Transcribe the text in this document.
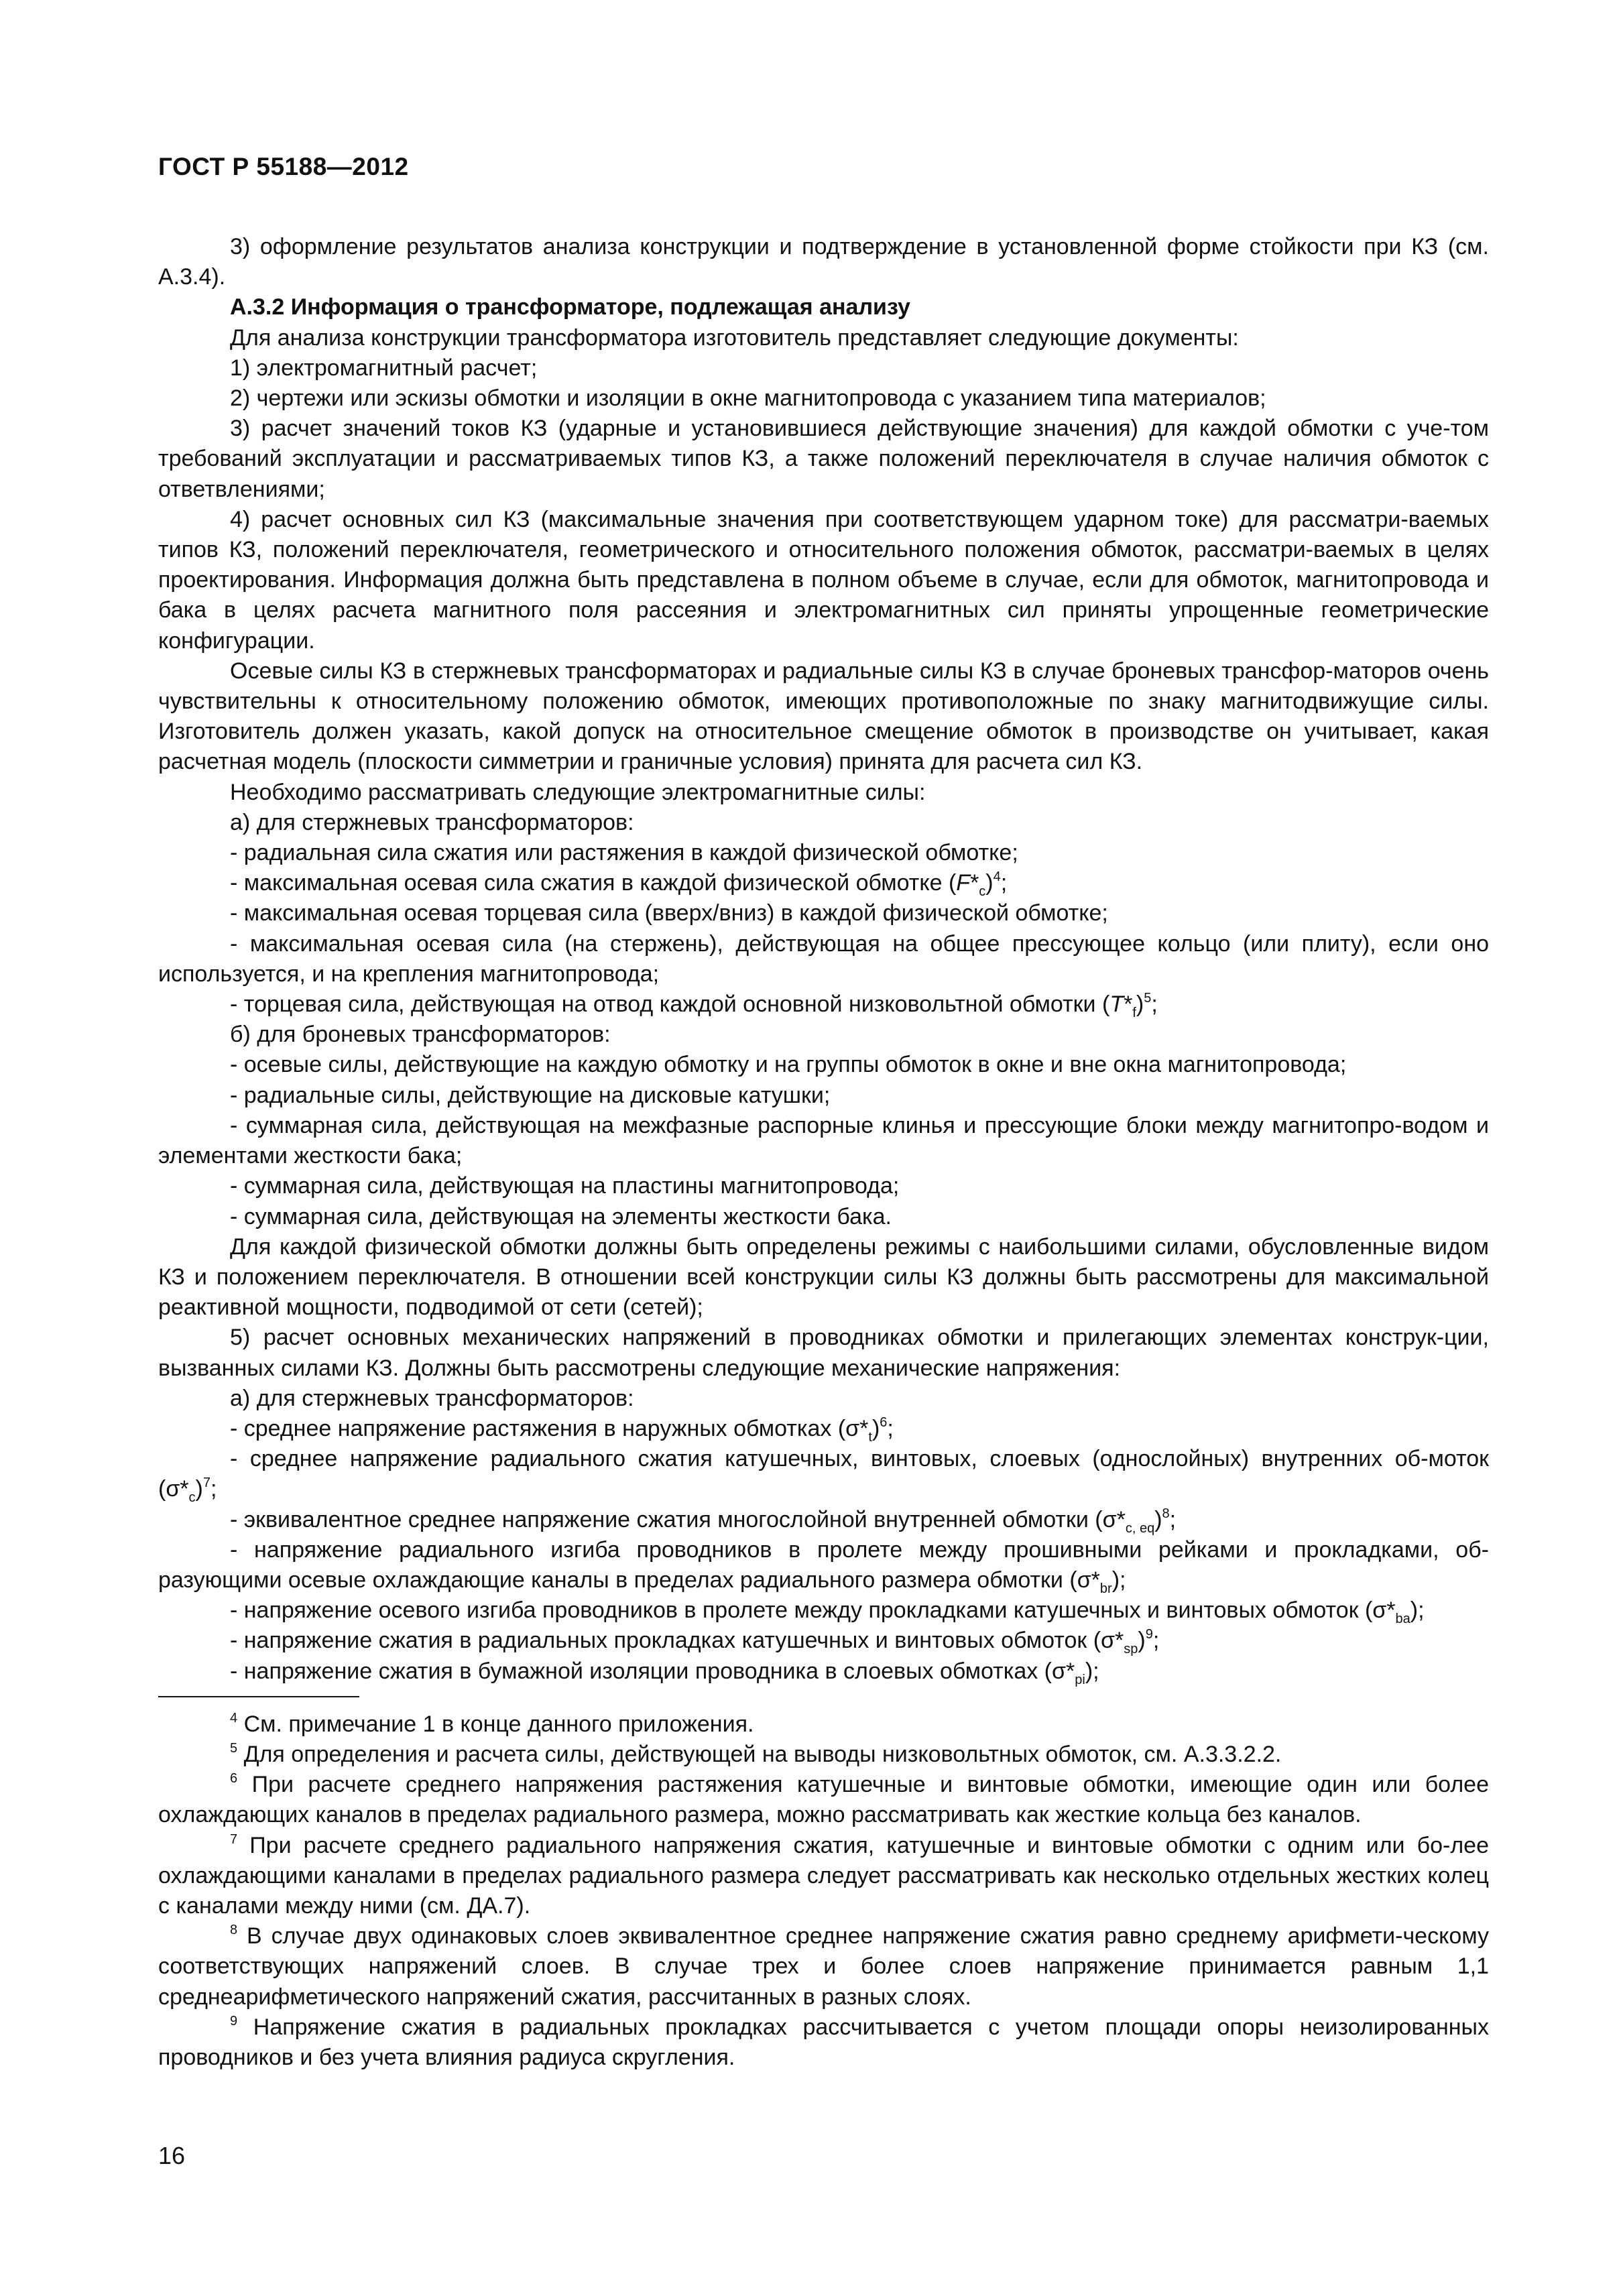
ГОСТ Р 55188—2012

3) оформление результатов анализа конструкции и подтверждение в установленной форме стойкости при КЗ (см. А.3.4).

А.3.2 Информация о трансформаторе, подлежащая анализу

Для анализа конструкции трансформатора изготовитель представляет следующие документы:

1) электромагнитный расчет;

2) чертежи или эскизы обмотки и изоляции в окне магнитопровода с указанием типа материалов;

3) расчет значений токов КЗ (ударные и установившиеся действующие значения) для каждой обмотки с уче-том требований эксплуатации и рассматриваемых типов КЗ, а также положений переключателя в случае наличия обмоток с ответвлениями;

4) расчет основных сил КЗ (максимальные значения при соответствующем ударном токе) для рассматри-ваемых типов КЗ, положений переключателя, геометрического и относительного положения обмоток, рассматри-ваемых в целях проектирования. Информация должна быть представлена в полном объеме в случае, если для обмоток, магнитопровода и бака в целях расчета магнитного поля рассеяния и электромагнитных сил приняты упрощенные геометрические конфигурации.

Осевые силы КЗ в стержневых трансформаторах и радиальные силы КЗ в случае броневых трансфор-маторов очень чувствительны к относительному положению обмоток, имеющих противоположные по знаку магнитодвижущие силы. Изготовитель должен указать, какой допуск на относительное смещение обмоток в производстве он учитывает, какая расчетная модель (плоскости симметрии и граничные условия) принята для расчета сил КЗ.

Необходимо рассматривать следующие электромагнитные силы:

а) для стержневых трансформаторов:

- радиальная сила сжатия или растяжения в каждой физической обмотке;

- максимальная осевая сила сжатия в каждой физической обмотке $(F*_c)^4$;

- максимальная осевая торцевая сила (вверх/вниз) в каждой физической обмотке;

- максимальная осевая сила (на стержень), действующая на общее прессующее кольцо (или плиту), если оно используется, и на крепления магнитопровода;

- торцевая сила, действующая на отвод каждой основной низковольтной обмотки $(T*_f)^5$;

б) для броневых трансформаторов:

- осевые силы, действующие на каждую обмотку и на группы обмоток в окне и вне окна магнитопровода;

- радиальные силы, действующие на дисковые катушки;

- суммарная сила, действующая на межфазные распорные клинья и прессующие блоки между магнитопро-водом и элементами жесткости бака;

- суммарная сила, действующая на пластины магнитопровода;

- суммарная сила, действующая на элементы жесткости бака.

Для каждой физической обмотки должны быть определены режимы с наибольшими силами, обусловленные видом КЗ и положением переключателя. В отношении всей конструкции силы КЗ должны быть рассмотрены для максимальной реактивной мощности, подводимой от сети (сетей);

5) расчет основных механических напряжений в проводниках обмотки и прилегающих элементах конструк-ции, вызванных силами КЗ. Должны быть рассмотрены следующие механические напряжения:

а) для стержневых трансформаторов:

- среднее напряжение растяжения в наружных обмотках $(\sigma*_t)^6$;

- среднее напряжение радиального сжатия катушечных, винтовых, слоевых (однослойных) внутренних об-моток $(\sigma*_c)^7$;

- эквивалентное среднее напряжение сжатия многослойной внутренней обмотки $(\sigma*_{c, eq})^8$;

- напряжение радиального изгиба проводников в пролете между прошивными рейками и прокладками, об-разующими осевые охлаждающие каналы в пределах радиального размера обмотки $(\sigma*_{br})$;

- напряжение осевого изгиба проводников в пролете между прокладками катушечных и винтовых обмоток $(\sigma*_{ba})$;

- напряжение сжатия в радиальных прокладках катушечных и винтовых обмоток $(\sigma*_{sp})^9$;

- напряжение сжатия в бумажной изоляции проводника в слоевых обмотках $(\sigma*_{pi})$;

$^4$ См. примечание 1 в конце данного приложения.

$^5$ Для определения и расчета силы, действующей на выводы низковольтных обмоток, см. А.3.3.2.2.

$^6$ При расчете среднего напряжения растяжения катушечные и винтовые обмотки, имеющие один или более охлаждающих каналов в пределах радиального размера, можно рассматривать как жесткие кольца без каналов.

$^7$ При расчете среднего радиального напряжения сжатия, катушечные и винтовые обмотки с одним или бо-лее охлаждающими каналами в пределах радиального размера следует рассматривать как несколько отдельных жестких колец с каналами между ними (см. ДА.7).

$^8$ В случае двух одинаковых слоев эквивалентное среднее напряжение сжатия равно среднему арифмети-ческому соответствующих напряжений слоев. В случае трех и более слоев напряжение принимается равным 1,1 среднеарифметического напряжений сжатия, рассчитанных в разных слоях.

$^9$ Напряжение сжатия в радиальных прокладках рассчитывается с учетом площади опоры неизолированных проводников и без учета влияния радиуса скругления.

16
